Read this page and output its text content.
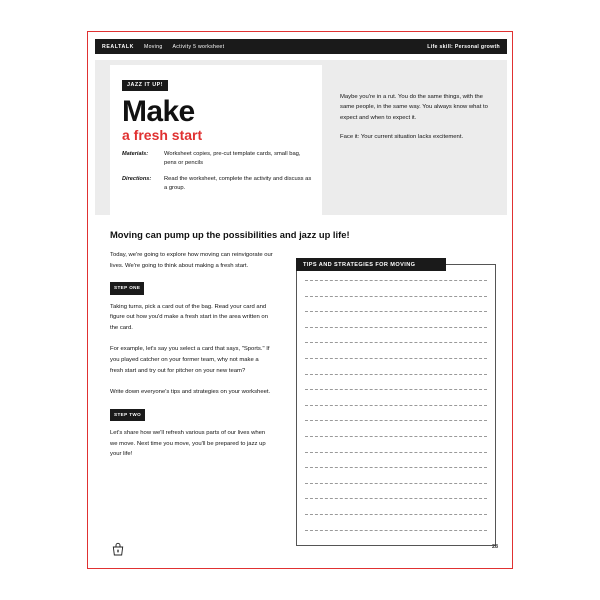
REALTALK Moving Activity 5 worksheet	Life skill: Personal growth
JAZZ IT UP!
Make
a fresh start
Materials:	Worksheet copies, pre-cut template cards, small bag, pens or pencils
Directions:	Read the worksheet, complete the activity and discuss as a group.

Maybe you're in a rut. You do the same things, with the same people, in the same way. You always know what to expect and when to expect it.

Face it: Your current situation lacks excitement.

Moving can pump up the possibilities and jazz up life!

Today, we're going to explore how moving can reinvigorate our lives. We're going to think about making a fresh start.

STEP ONE

Taking turns, pick a card out of the bag. Read your card and figure out how you'd make a fresh start in the area written on the card.

For example, let's say you select a card that says, "Sports." If you played catcher on your former team, why not make a fresh start and try out for pitcher on your new team?

Write down everyone's tips and strategies on your worksheet.

STEP TWO

Let's share how we'll refresh various parts of our lives when we move. Next time you move, you'll be prepared to jazz up your life!

TIPS AND STRATEGIES FOR MOVING
28
